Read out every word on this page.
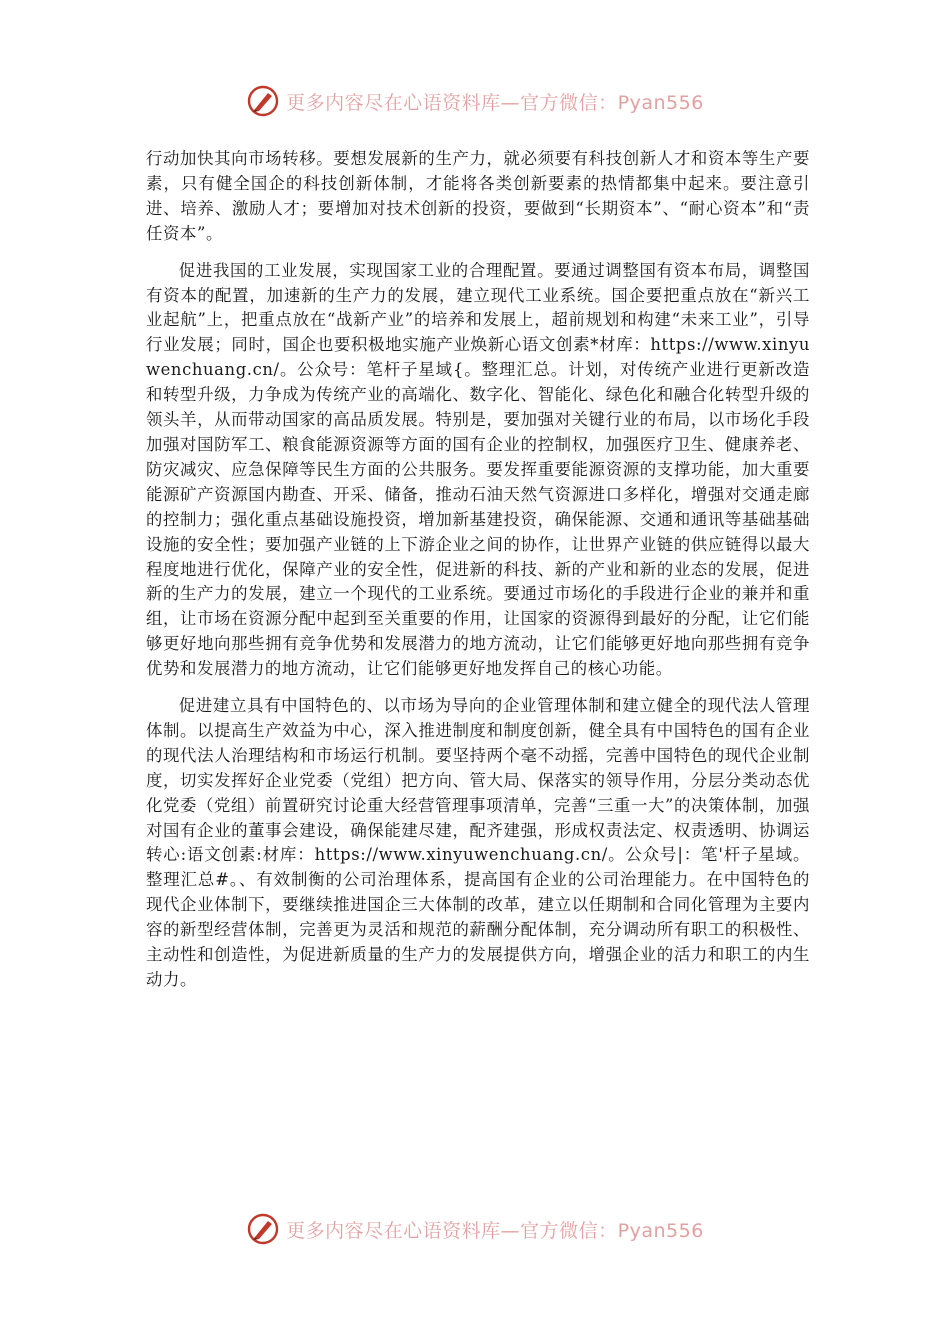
更多内容尽在心语资料库—官方微信：Pyan556

行动加快其向市场转移。要想发展新的生产力，就必须要有科技创新人才和资本等生产要素，只有健全国企的科技创新体制，才能将各类创新要素的热情都集中起来。要注意引进、培养、激励人才；要增加对技术创新的投资，要做到“长期资本”、“耐心资本”和“责任资本”。

促进我国的工业发展，实现国家工业的合理配置。要通过调整国有资本布局，调整国有资本的配置，加速新的生产力的发展，建立现代工业系统。国企要把重点放在“新兴工业起航”上，把重点放在“战新产业”的培养和发展上，超前规划和构建“未来工业”，引导行业发展；同时，国企也要积极地实施产业焕新心语文创素*材库：https://www.xinyuwenchuang.cn/。公众号：笔杆子星域{。整理汇总。计划，对传统产业进行更新改造和转型升级，力争成为传统产业的高端化、数字化、智能化、绿色化和融合化转型升级的领头羊，从而带动国家的高品质发展。特别是，要加强对关键行业的布局，以市场化手段加强对国防军工、粮食能源资源等方面的国有企业的控制权，加强医疗卫生、健康养老、防灾减灾、应急保障等民生方面的公共服务。要发挥重要能源资源的支撑功能，加大重要能源矿产资源国内勘查、开采、储备，推动石油天然气资源进口多样化，增强对交通走廊的控制力；强化重点基础设施投资，增加新基建投资，确保能源、交通和通讯等基础基础设施的安全性；要加强产业链的上下游企业之间的协作，让世界产业链的供应链得以最大程度地进行优化，保障产业的安全性，促进新的科技、新的产业和新的业态的发展，促进新的生产力的发展，建立一个现代的工业系统。要通过市场化的手段进行企业的兼并和重组，让市场在资源分配中起到至关重要的作用，让国家的资源得到最好的分配，让它们能够更好地向那些拥有竞争优势和发展潜力的地方流动，让它们能够更好地向那些拥有竞争优势和发展潜力的地方流动，让它们能够更好地发挥自己的核心功能。

促进建立具有中国特色的、以市场为导向的企业管理体制和建立健全的现代法人管理体制。以提高生产效益为中心，深入推进制度和制度创新，健全具有中国特色的国有企业的现代法人治理结构和市场运行机制。要坚持两个毫不动摇，完善中国特色的现代企业制度，切实发挥好企业党委（党组）把方向、管大局、保落实的领导作用，分层分类动态优化党委（党组）前置研究讨论重大经营管理事项清单，完善“三重一大”的决策体制，加强对国有企业的董事会建设，确保能建尽建，配齐建强，形成权责法定、权责透明、协调运转心:语文创素:材库：https://www.xinyuwenchuang.cn/。公众号|：笔'杆子星域。整理汇总#。、有效制衡的公司治理体系，提高国有企业的公司治理能力。在中国特色的现代企业体制下，要继续推进国企三大体制的改革，建立以任期制和合同化管理为主要内容的新型经营体制，完善更为灵活和规范的薪酬分配体制，充分调动所有职工的积极性、主动性和创造性，为促进新质量的生产力的发展提供方向，增强企业的活力和职工的内生动力。

更多内容尽在心语资料库—官方微信：Pyan556
